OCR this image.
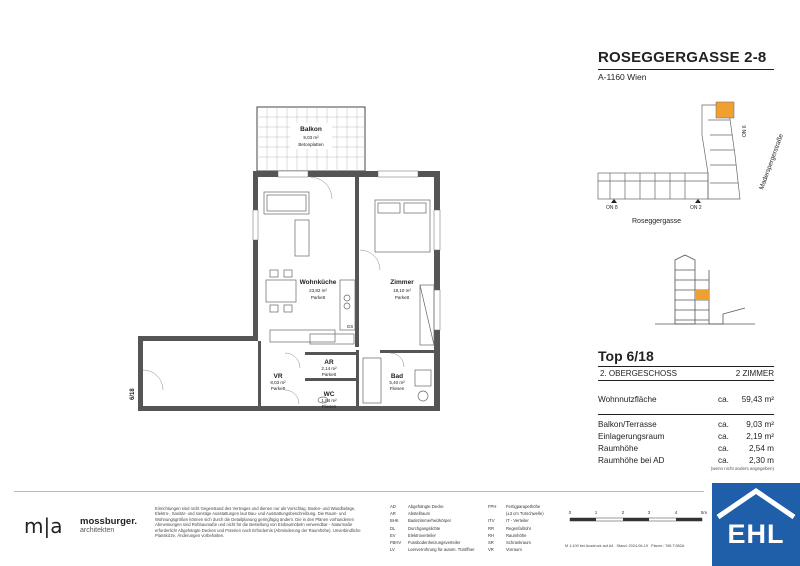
Balkon
9,03 m²
Betonplatten
Wohnküche
23,82 m²
Parkett
Zimmer
18,10 m²
Parkett
GS
AR
2,14 m²
Parkett
VR
8,03 m²
Parkett
Bad
5,40 m²
Fliesen
WC
1,84 m²
Fliesen
6/18
ROSEGGERGASSE 2-8
A-1160 Wien
ON 8	ON 2
ON 6
Roseggergasse
Maderspergerstraße
Top 6/18
2. OBERGESCHOSS	2 ZIMMER
Wohnnutzfläche	ca. 59,43 m²
Balkon/Terrasse	ca. 9,03 m²
Einlagerungsraum	ca. 2,19 m²
Raumhöhe	ca. 2,54 m
Raumhöhe bei AD	ca. 2,30 m
(wenn nicht anders angegeben)
m|a mossburger.
architekten
Einrichtungen sind nicht Gegenstand des Vertrages und dienen nur als Vorschlag. Boden- und Wandbeläge, Elektro-, Sanitär- und sonstige Ausstattungen laut Bau- und Ausstattungsbeschreibung. Die Raum- und Wohnungsgrößen können sich durch die Detailplanung geringfügig ändern. Die in den Plänen vorhandenen Abmessungen sind Rohbaumaße und nicht für die Bestellung von Einbaumöbeln verwendbar - Naturmaße erforderlich! Abgehängte Decken und Poterien nach Erfordernis (Abminderung der Raumhöhe). Unverbindliche Planskizze, Änderungen vorbehalten.
AD	Abgehängte Decke
AR	Abstellraum
BHK Badezimmerheizkörper
DL	Durchgangslichte
EV	Elektroverteiler
FBHV Fussbodenheizungsverteiler
LV	Leerverrohrung für autom. Türöffner
FPH Fertigparapethöhe
(±3 cm Türschwelle)
ITV	IT - Verteiler
RR	Regenfallrohr
RH	Raumhöhe
SR	Schrankraum
VR	Vorraum
0	1	2	3	4	5m
M 1:100 bei Ausdruck auf A4 Stand: 2024-06-19 Plannr.: 769.T.982A	EHL
